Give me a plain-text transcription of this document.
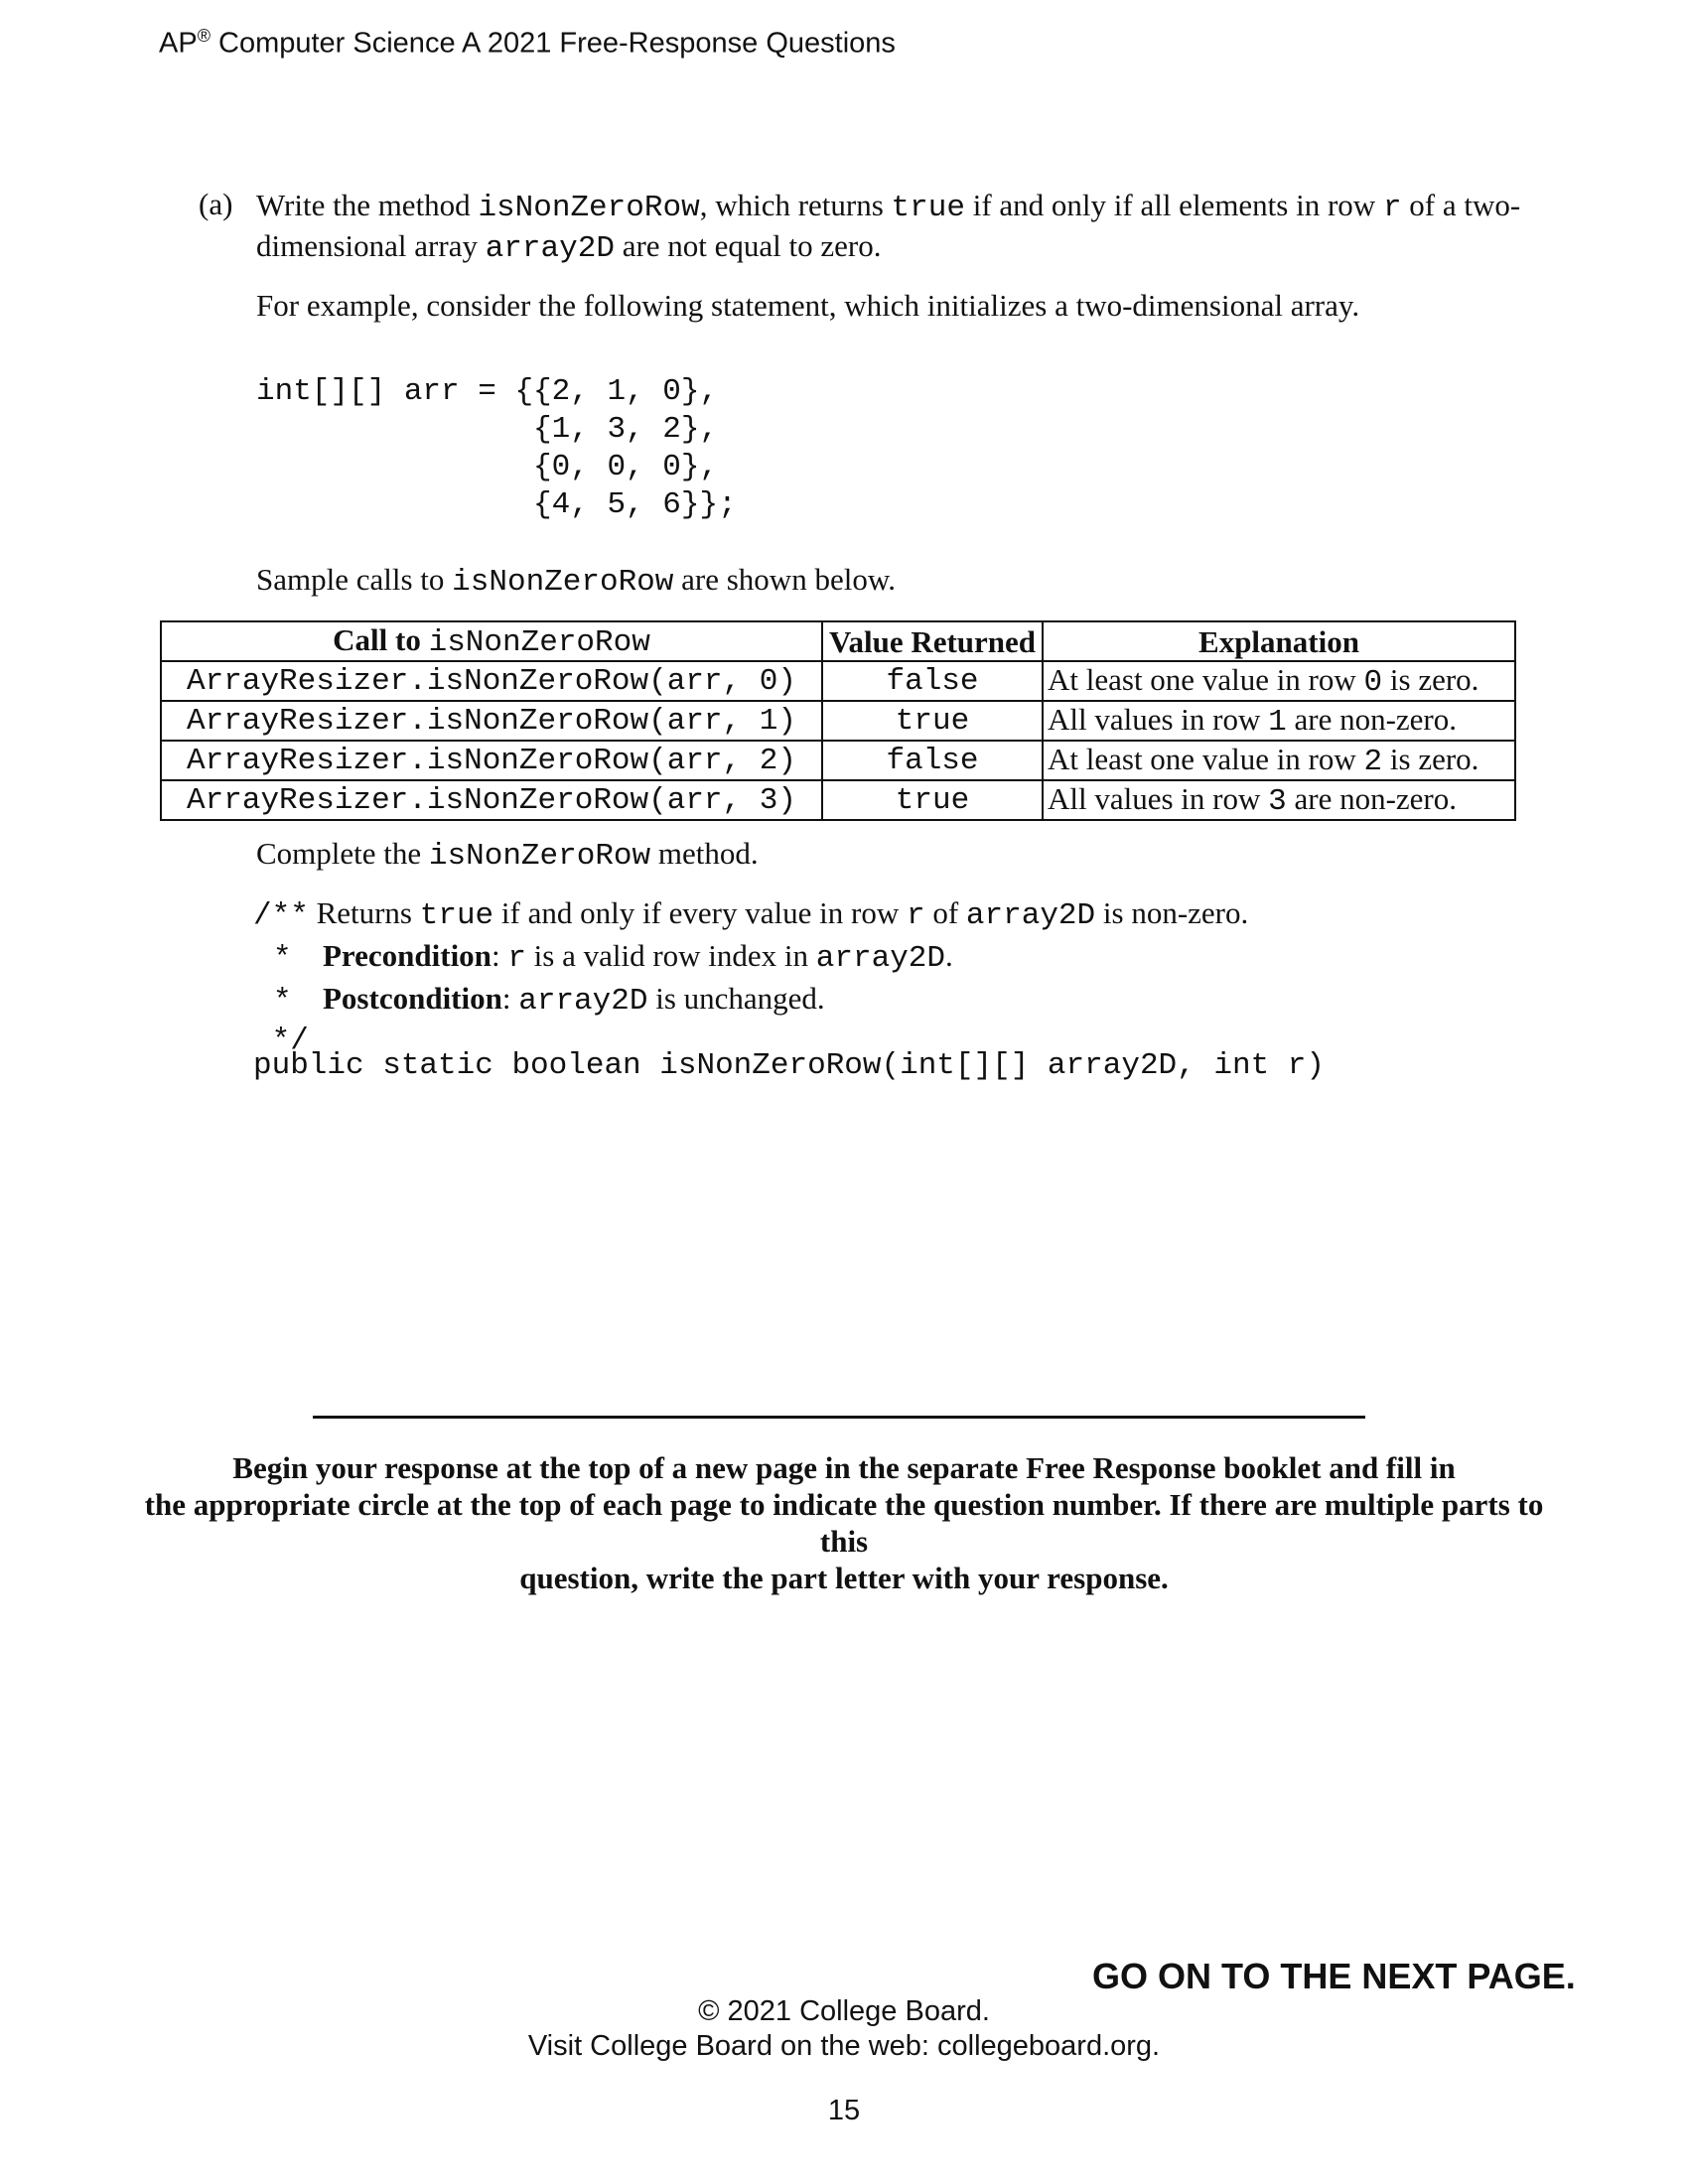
AP® Computer Science A 2021 Free-Response Questions
(a) Write the method isNonZeroRow, which returns true if and only if all elements in row r of a two-dimensional array array2D are not equal to zero.
For example, consider the following statement, which initializes a two-dimensional array.
int[][] arr = {{2, 1, 0},
{1, 3, 2},
{0, 0, 0},
{4, 5, 6}};
Sample calls to isNonZeroRow are shown below.
Call to isNonZeroRow	Value Returned	Explanation
ArrayResizer.isNonZeroRow(arr, 0)	false	At least one value in row 0 is zero.
ArrayResizer.isNonZeroRow(arr, 1)	true	All values in row 1 are non-zero.
ArrayResizer.isNonZeroRow(arr, 2)	false	At least one value in row 2 is zero.
ArrayResizer.isNonZeroRow(arr, 3)	true	All values in row 3 are non-zero.
Complete the isNonZeroRow method.
/** Returns true if and only if every value in row r of array2D is non-zero.
* Precondition: r is a valid row index in array2D.
* Postcondition: array2D is unchanged.
*/
public static boolean isNonZeroRow(int[][] array2D, int r)
Begin your response at the top of a new page in the separate Free Response booklet and fill in
the appropriate circle at the top of each page to indicate the question number. If there are multiple parts to this
question, write the part letter with your response.
GO ON TO THE NEXT PAGE.
© 2021 College Board.
Visit College Board on the web: collegeboard.org.
15
